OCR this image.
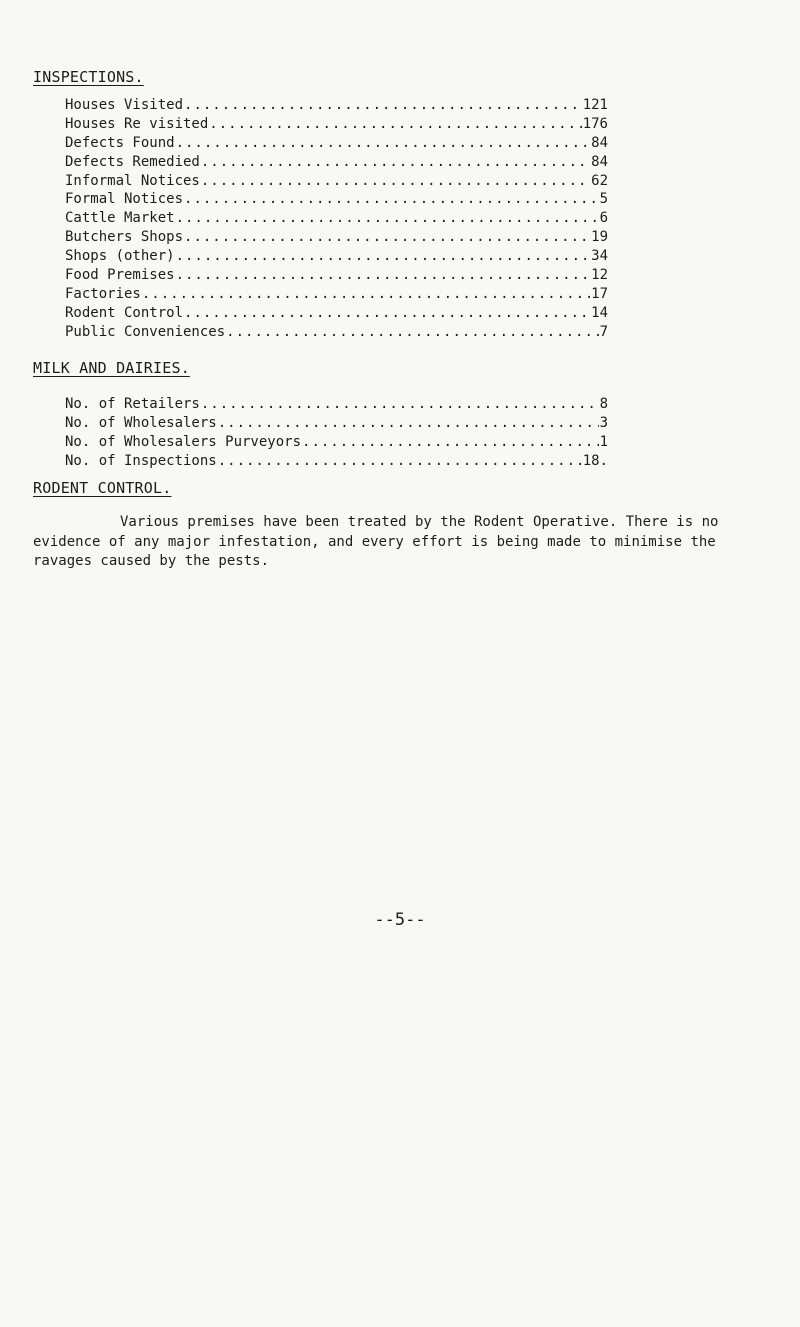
INSPECTIONS.
Houses Visited .....	121
Houses Re visited .....	176
Defects Found .....	84
Defects Remedied .....	84
Informal Notices .....	62
Formal Notices .....	5
Cattle Market .....	6
Butchers Shops .....	19
Shops (other) .....	34
Food Premises .....	12
Factories .....	17
Rodent Control .....	14
Public Conveniences .....	7
MILK AND DAIRIES.
No. of Retailers .....	8
No. of Wholesalers .....	3
No. of Wholesalers Purveyors .....	1
No. of Inspections .....	18.
RODENT CONTROL.

Various premises have been treated by the Rodent Operative. There is no evidence of any major infestation, and every effort is being made to minimise the ravages caused by the pests.

--5--
